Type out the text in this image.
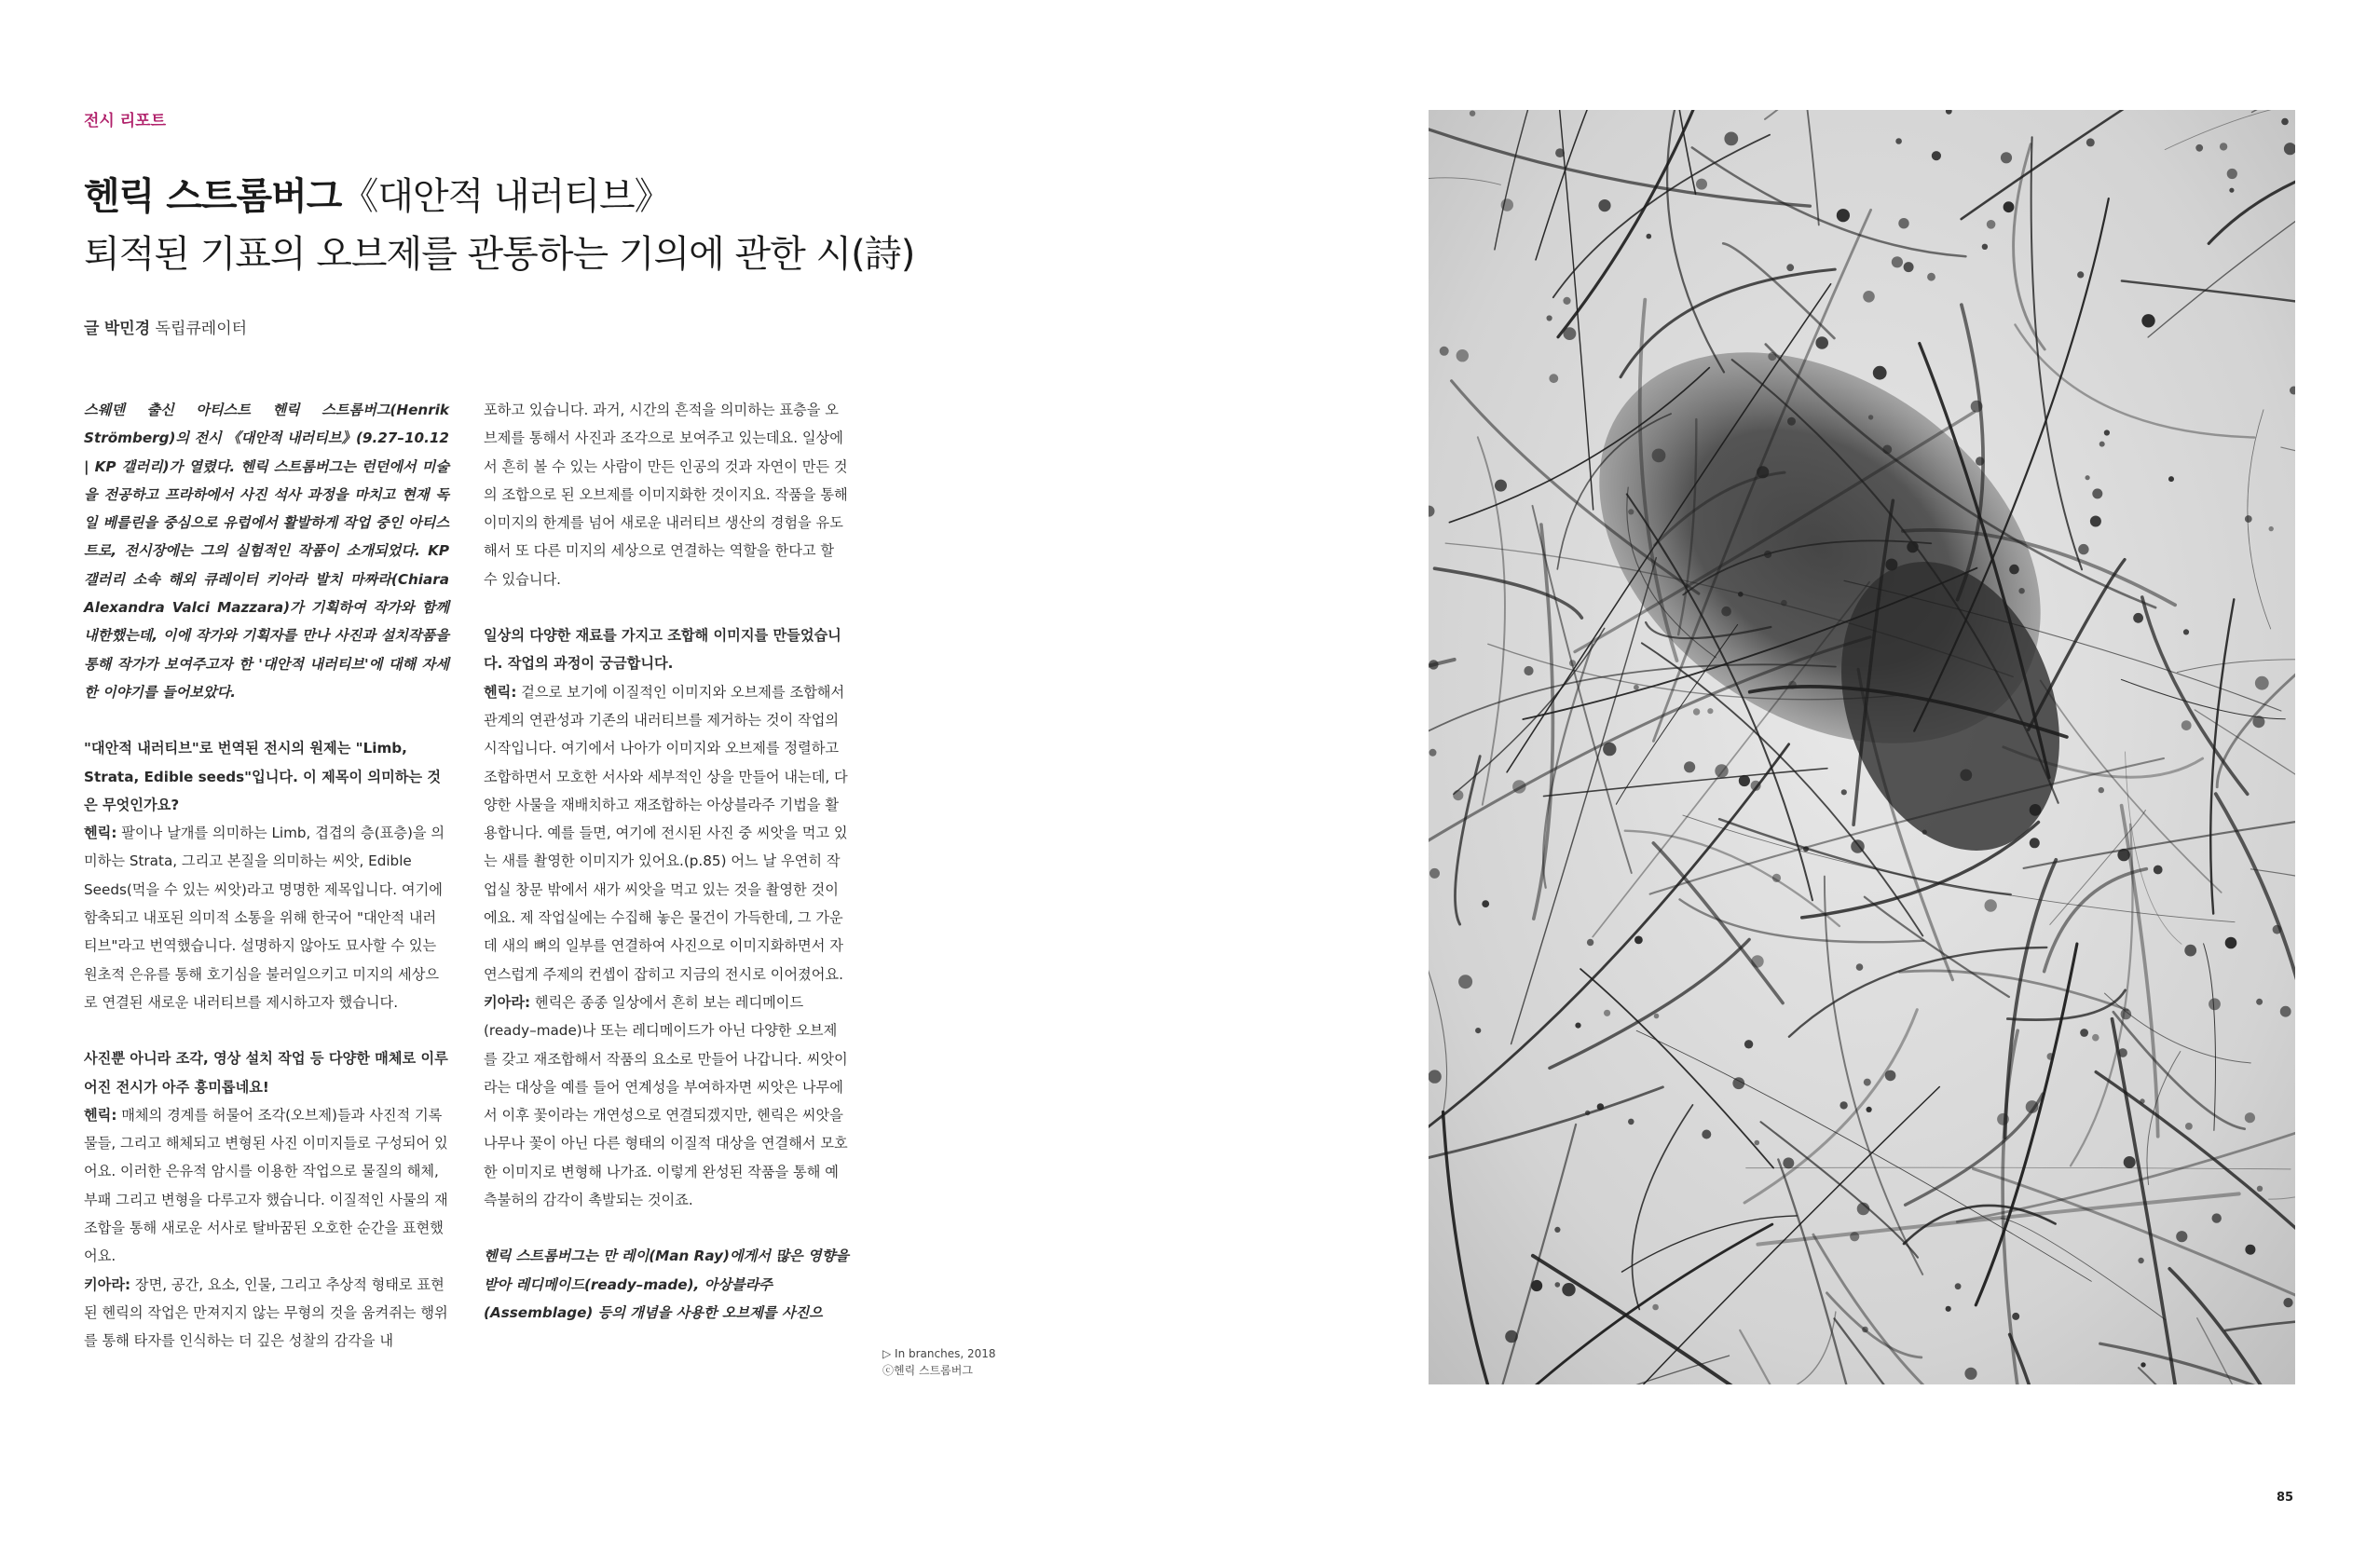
전시 리포트
헨릭 스트롬버그《대안적 내러티브》
퇴적된 기표의 오브제를 관통하는 기의에 관한 시(詩)
글 박민경 독립큐레이터

스웨덴 출신 아티스트 헨릭 스트롬버그(Henrik Strömberg)의 전시 《대안적 내러티브》(9.27–10.12 | KP 갤러리)가 열렸다. 헨릭 스트롬버그는 런던에서 미술을 전공하고 프라하에서 사진 석사 과정을 마치고 현재 독일 베를린을 중심으로 유럽에서 활발하게 작업 중인 아티스트로, 전시장에는 그의 실험적인 작품이 소개되었다. KP 갤러리 소속 해외 큐레이터 키아라 발치 마짜라(Chiara Alexandra Valci Mazzara)가 기획하여 작가와 함께 내한했는데, 이에 작가와 기획자를 만나 사진과 설치작품을 통해 작가가 보여주고자 한 '대안적 내러티브'에 대해 자세한 이야기를 들어보았다.

"대안적 내러티브"로 번역된 전시의 원제는 "Limb, Strata, Edible seeds"입니다. 이 제목이 의미하는 것은 무엇인가요?

헨릭: 팔이나 날개를 의미하는 Limb, 겹겹의 층(표층)을 의미하는 Strata, 그리고 본질을 의미하는 씨앗, Edible Seeds(먹을 수 있는 씨앗)라고 명명한 제목입니다. 여기에 함축되고 내포된 의미적 소통을 위해 한국어 "대안적 내러티브"라고 번역했습니다. 설명하지 않아도 묘사할 수 있는 원초적 은유를 통해 호기심을 불러일으키고 미지의 세상으로 연결된 새로운 내러티브를 제시하고자 했습니다.

사진뿐 아니라 조각, 영상 설치 작업 등 다양한 매체로 이루어진 전시가 아주 흥미롭네요!

헨릭: 매체의 경계를 허물어 조각(오브제)들과 사진적 기록물들, 그리고 해체되고 변형된 사진 이미지들로 구성되어 있어요. 이러한 은유적 암시를 이용한 작업으로 물질의 해체, 부패 그리고 변형을 다루고자 했습니다. 이질적인 사물의 재조합을 통해 새로운 서사로 탈바꿈된 오호한 순간을 표현했어요.

키아라: 장면, 공간, 요소, 인물, 그리고 추상적 형태로 표현된 헨릭의 작업은 만져지지 않는 무형의 것을 움켜쥐는 행위를 통해 타자를 인식하는 더 깊은 성찰의 감각을 내

포하고 있습니다. 과거, 시간의 흔적을 의미하는 표층을 오브제를 통해서 사진과 조각으로 보여주고 있는데요. 일상에서 흔히 볼 수 있는 사람이 만든 인공의 것과 자연이 만든 것의 조합으로 된 오브제를 이미지화한 것이지요. 작품을 통해 이미지의 한계를 넘어 새로운 내러티브 생산의 경험을 유도해서 또 다른 미지의 세상으로 연결하는 역할을 한다고 할 수 있습니다.

일상의 다양한 재료를 가지고 조합해 이미지를 만들었습니다. 작업의 과정이 궁금합니다.

헨릭: 겉으로 보기에 이질적인 이미지와 오브제를 조합해서 관계의 연관성과 기존의 내러티브를 제거하는 것이 작업의 시작입니다. 여기에서 나아가 이미지와 오브제를 정렬하고 조합하면서 모호한 서사와 세부적인 상을 만들어 내는데, 다양한 사물을 재배치하고 재조합하는 아상블라주 기법을 활용합니다. 예를 들면, 여기에 전시된 사진 중 씨앗을 먹고 있는 새를 촬영한 이미지가 있어요.(p.85) 어느 날 우연히 작업실 창문 밖에서 새가 씨앗을 먹고 있는 것을 촬영한 것이에요. 제 작업실에는 수집해 놓은 물건이 가득한데, 그 가운데 새의 뼈의 일부를 연결하여 사진으로 이미지화하면서 자연스럽게 주제의 컨셉이 잡히고 지금의 전시로 이어졌어요.

키아라: 헨릭은 종종 일상에서 흔히 보는 레디메이드(ready–made)나 또는 레디메이드가 아닌 다양한 오브제를 갖고 재조합해서 작품의 요소로 만들어 나갑니다. 씨앗이라는 대상을 예를 들어 연계성을 부여하자면 씨앗은 나무에서 이후 꽃이라는 개연성으로 연결되겠지만, 헨릭은 씨앗을 나무나 꽃이 아닌 다른 형태의 이질적 대상을 연결해서 모호한 이미지로 변형해 나가죠. 이렇게 완성된 작품을 통해 예측불허의 감각이 촉발되는 것이죠.

헨릭 스트롬버그는 만 레이(Man Ray)에게서 많은 영향을 받아 레디메이드(ready–made), 아상블라주(Assemblage) 등의 개념을 사용한 오브제를 사진으

▷ In branches, 2018
ⓒ헨릭 스트롬버그
85
